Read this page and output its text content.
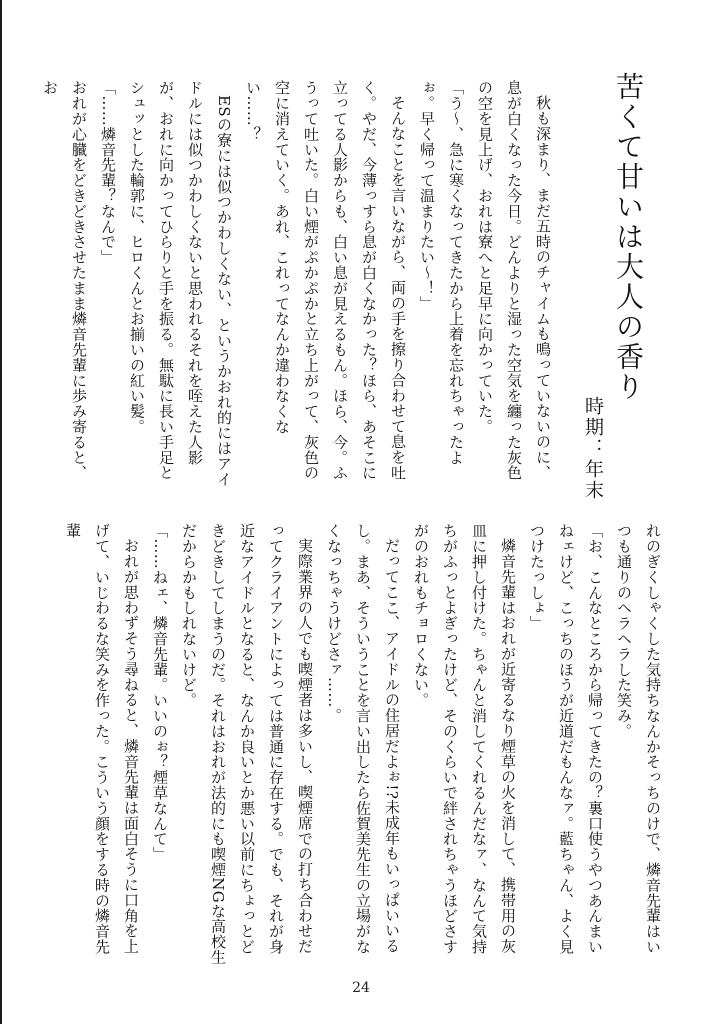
苦くて甘いは大人の香り
時期：年末

秋も深まり、まだ五時のチャイムも鳴っていないのに、息が白くなった今日。どんよりと湿った空気を纏った灰色の空を見上げ、おれは寮へと足早に向かっていた。

「う〜、急に寒くなってきたから上着を忘れちゃったよぉ。早く帰って温まりたい〜！」

そんなことを言いながら、両の手を擦り合わせて息を吐く。やだ、今薄っすら息が白くなかった？ほら、あそこに立ってる人影からも、白い息が見えるもん。ほら、今。ふうって吐いた。白い煙がぷかぷかと立ち上がって、灰色の空に消えていく。あれ、これってなんか違わなくない……？

ESの寮には似つかわしくない、というかおれ的にはアイドルには似つかわしくないと思われるそれを咥えた人影が、おれに向かってひらりと手を振る。無駄に長い手足とシュッとした輪郭に、ヒロくんとお揃いの紅い髪。

「……燐音先輩？なんで」

おれが心臓をどきどきさせたまま燐音先輩に歩み寄ると、お

れのぎくしゃくした気持ちなんかそっちのけで、燐音先輩はいつも通りのヘラヘラした笑み。

「お、こんなところから帰ってきたの？裏口使うやつあんまいねェけど、こっちのほうが近道だもんなァ。藍ちゃん、よく見つけたっしょ」

燐音先輩はおれが近寄るなり煙草の火を消して、携帯用の灰皿に押し付けた。ちゃんと消してくれるんだなァ、なんて気持ちがふっとよぎったけど、そのくらいで絆されちゃうほどさすがのおれもチョロくない。

だってここ、アイドルの住居だよぉ!?未成年もいっぱいいるし。まあ、そういうことを言い出したら佐賀美先生の立場がなくなっちゃうけどさァ……。

実際業界の人でも喫煙者は多いし、喫煙席での打ち合わせだってクライアントによっては普通に存在する。でも、それが身近なアイドルとなると、なんか良いとか悪い以前にちょっとどきどきしてしまうのだ。それはおれが法的にも喫煙NGな高校生だからかもしれないけど。

「……ねェ、燐音先輩。いいのぉ？煙草なんて」

おれが思わずそう尋ねると、燐音先輩は面白そうに口角を上げて、いじわるな笑みを作った。こういう顔をする時の燐音先輩

24
